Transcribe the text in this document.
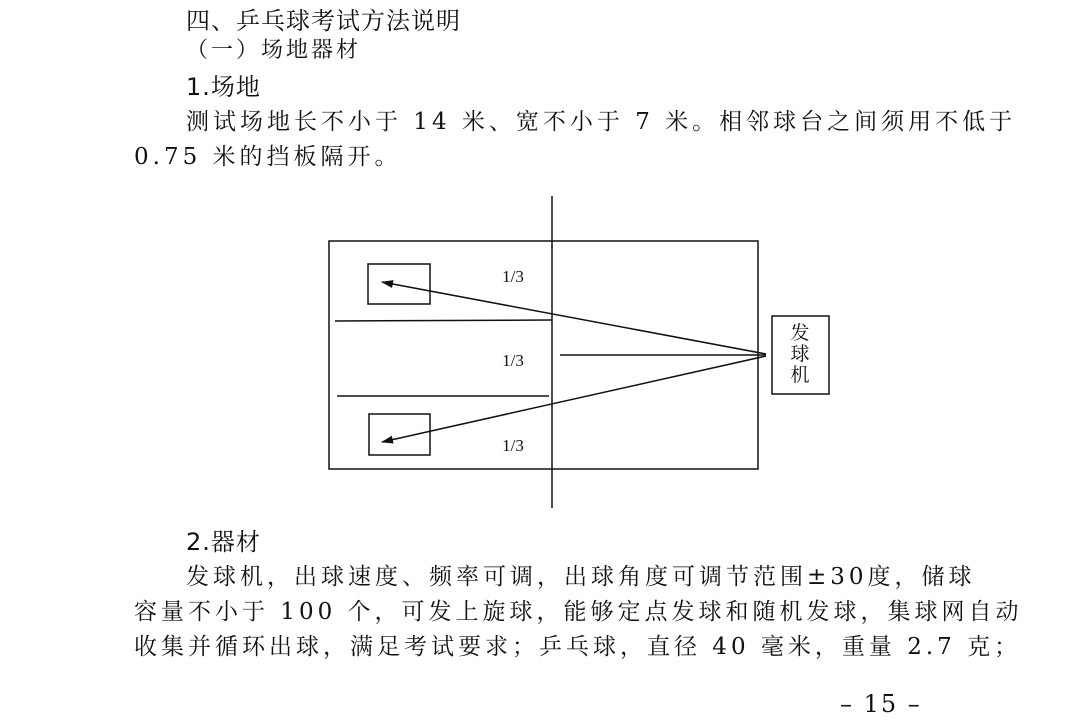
四、乒乓球考试方法说明
（一）场地器材
1.场地
测试场地长不小于 14 米、宽不小于 7 米。相邻球台之间须用不低于
0.75 米的挡板隔开。
1/3
1/3
1/3
发
球
机
2.器材
发球机，出球速度、频率可调，出球角度可调节范围±30度，储球
容量不小于 100 个，可发上旋球，能够定点发球和随机发球，集球网自动
收集并循环出球，满足考试要求；乒乓球，直径 40 毫米，重量 2.7 克；
– 15 –
